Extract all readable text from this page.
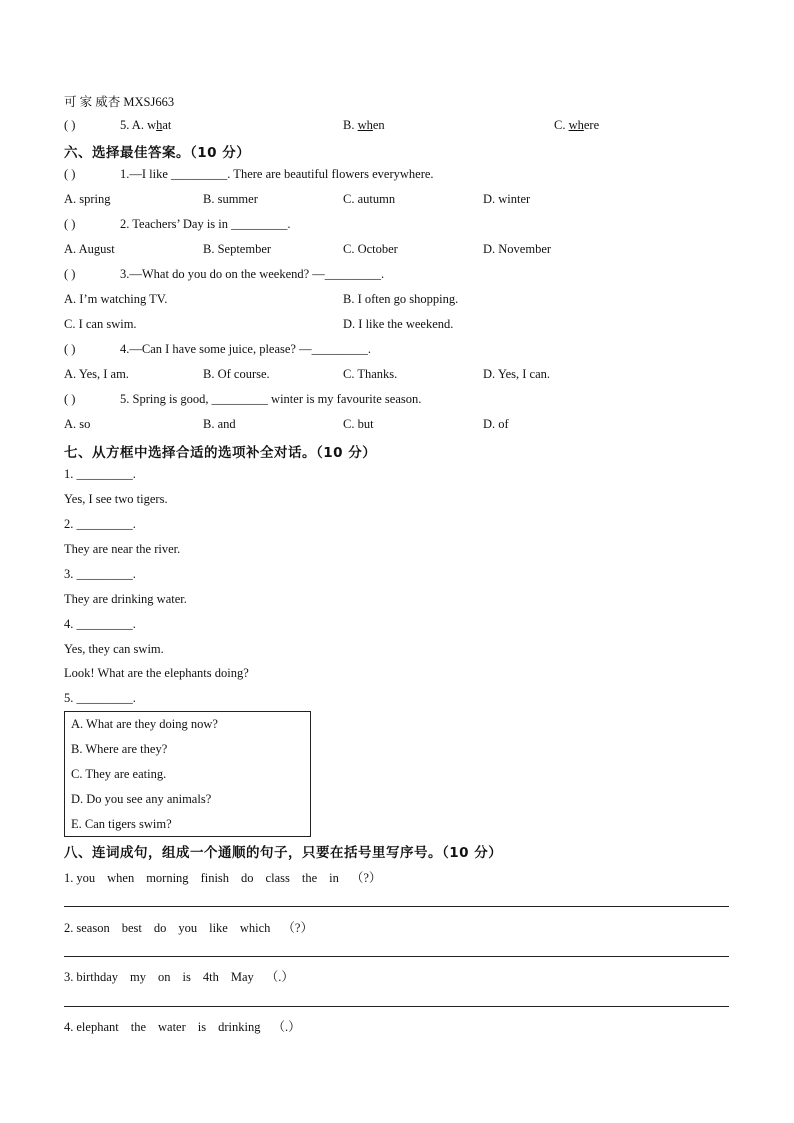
可 家 威杏 MXSJ663
( )	5. A. what	B. when	C. where
六、选择最佳答案。（10 分）
( )	1.—I like _________. There are beautiful flowers everywhere.
A. spring	B. summer	C. autumn	D. winter
( )	2. Teachers’ Day is in _________.
A. August	B. September	C. October	D. November
( )	3.—What do you do on the weekend? —_________.
A. I’m watching TV.	B. I often go shopping.
C. I can swim.	D. I like the weekend.
( )	4.—Can I have some juice, please? —_________.
A. Yes, I am.	B. Of course.	C. Thanks.	D. Yes, I can.
( )	5. Spring is good, _________ winter is my favourite season.
A. so	B. and	C. but	D. of
七、从方框中选择合适的选项补全对话。（10 分）
1. _________.
Yes, I see two tigers.
2. _________.
They are near the river.
3. _________.
They are drinking water.
4. _________.
Yes, they can swim.
Look! What are the elephants doing?
5. _________.
A. What are they doing now?
B. Where are they?
C. They are eating.
D. Do you see any animals?
E. Can tigers swim?
八、连词成句，组成一个通顺的句子，只要在括号里写序号。（10 分）
1. you when morning finish do class the in （?）
2. season best do you like which （?）
3. birthday my on is 4th May （.）
4. elephant the water is drinking （.）
